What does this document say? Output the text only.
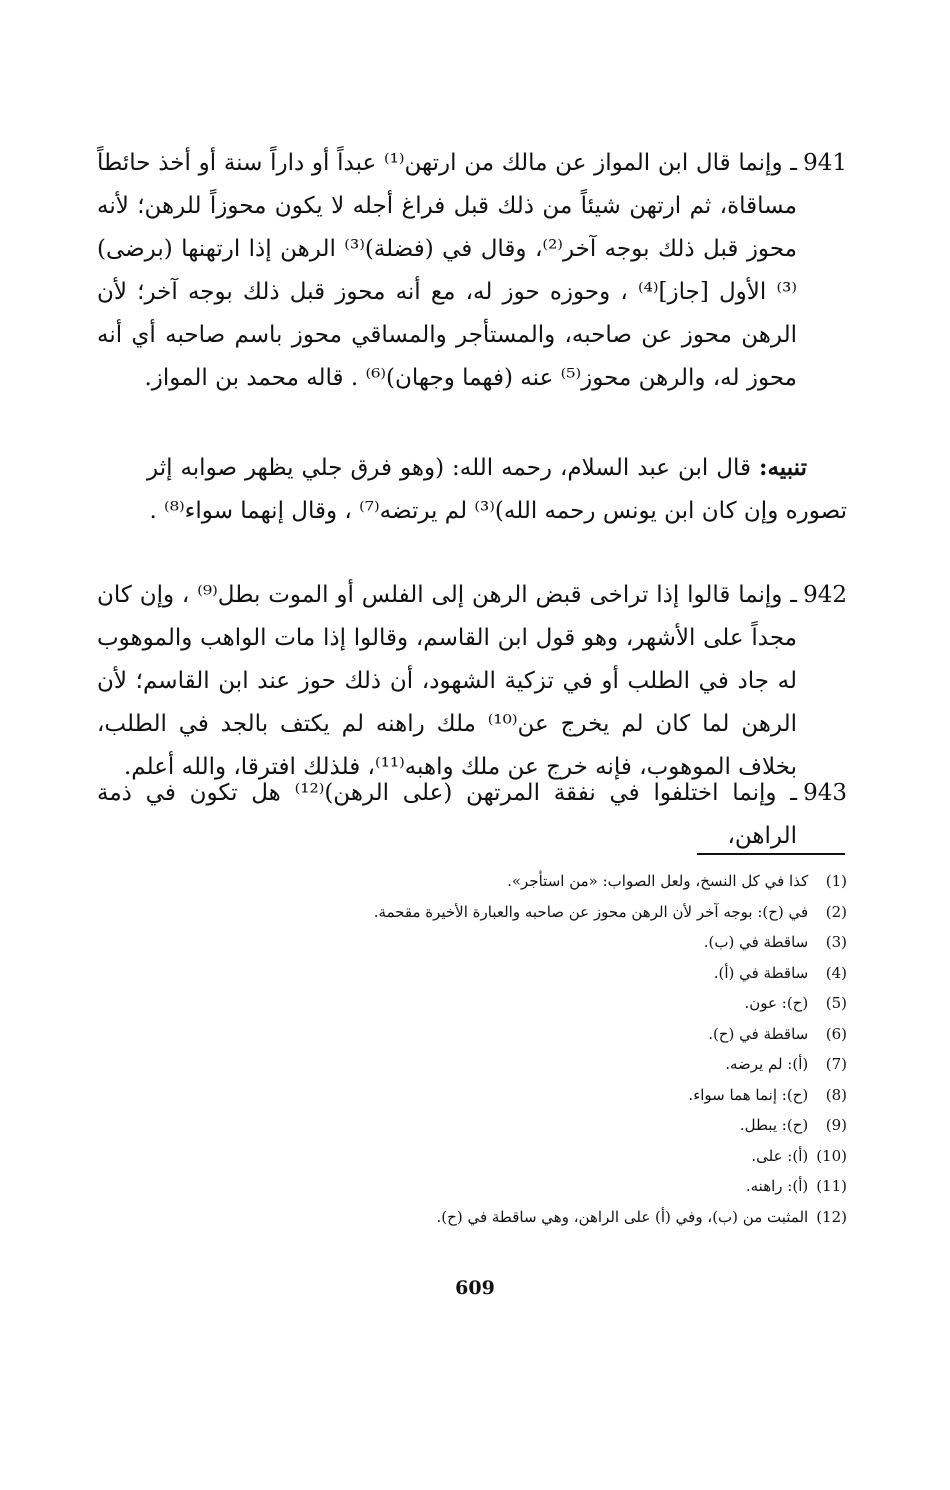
941
ـ وإنما قال ابن المواز عن مالك من ارتهن⁽¹⁾ عبداً أو داراً سنة أو أخذ حائطاً مساقاة، ثم ارتهن شيئاً من ذلك قبل فراغ أجله لا يكون محوزاً للرهن؛ لأنه محوز قبل ذلك بوجه آخر⁽²⁾، وقال في (فضلة)⁽³⁾ الرهن إذا ارتهنها (برضى)⁽³⁾ الأول [جاز]⁽⁴⁾ ، وحوزه حوز له، مع أنه محوز قبل ذلك بوجه آخر؛ لأن الرهن محوز عن صاحبه، والمستأجر والمساقي محوز باسم صاحبه أي أنه محوز له، والرهن محوز⁽⁵⁾ عنه (فهما وجهان)⁽⁶⁾ . قاله محمد بن المواز.
تنبيه: قال ابن عبد السلام، رحمه الله: (وهو فرق جلي يظهر صوابه إثر تصوره وإن كان ابن يونس رحمه الله)⁽³⁾ لم يرتضه⁽⁷⁾ ، وقال إنهما سواء⁽⁸⁾ .
942
ـ وإنما قالوا إذا تراخى قبض الرهن إلى الفلس أو الموت بطل⁽⁹⁾ ، وإن كان مجداً على الأشهر، وهو قول ابن القاسم، وقالوا إذا مات الواهب والموهوب له جاد في الطلب أو في تزكية الشهود، أن ذلك حوز عند ابن القاسم؛ لأن الرهن لما كان لم يخرج عن⁽¹⁰⁾ ملك راهنه لم يكتف بالجد في الطلب، بخلاف الموهوب، فإنه خرج عن ملك واهبه⁽¹¹⁾، فلذلك افترقا، والله أعلم.
943
ـ وإنما اختلفوا في نفقة المرتهن (على الرهن)⁽¹²⁾ هل تكون في ذمة الراهن،
(1) كذا في كل النسخ، ولعل الصواب: «من استأجر».
(2) في (ح): بوجه آخر لأن الرهن محوز عن صاحبه والعبارة الأخيرة مقحمة.
(3) ساقطة في (ب).
(4) ساقطة في (أ).
(5) (ح): عون.
(6) ساقطة في (ح).
(7) (أ): لم يرضه.
(8) (ح): إنما هما سواء.
(9) (ح): يبطل.
(10) (أ): على.
(11) (أ): راهنه.
(12) المثبت من (ب)، وفي (أ) على الراهن، وهي ساقطة في (ح).
609
